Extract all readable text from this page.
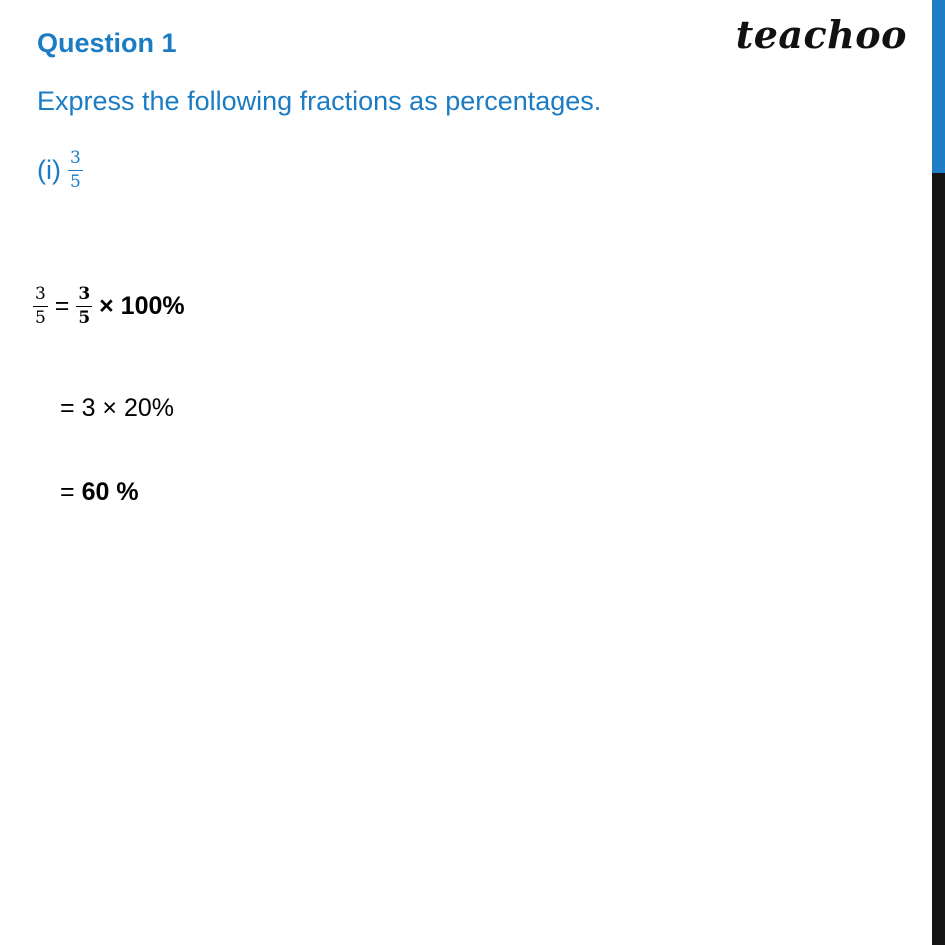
Question 1	teachoo
Express the following fractions as percentages.
$(i) \frac{3}{5}$
$\frac{3}{5}$
=
$\frac{3}{5}$
× 100%
=
3 × 20%
=
60 %
